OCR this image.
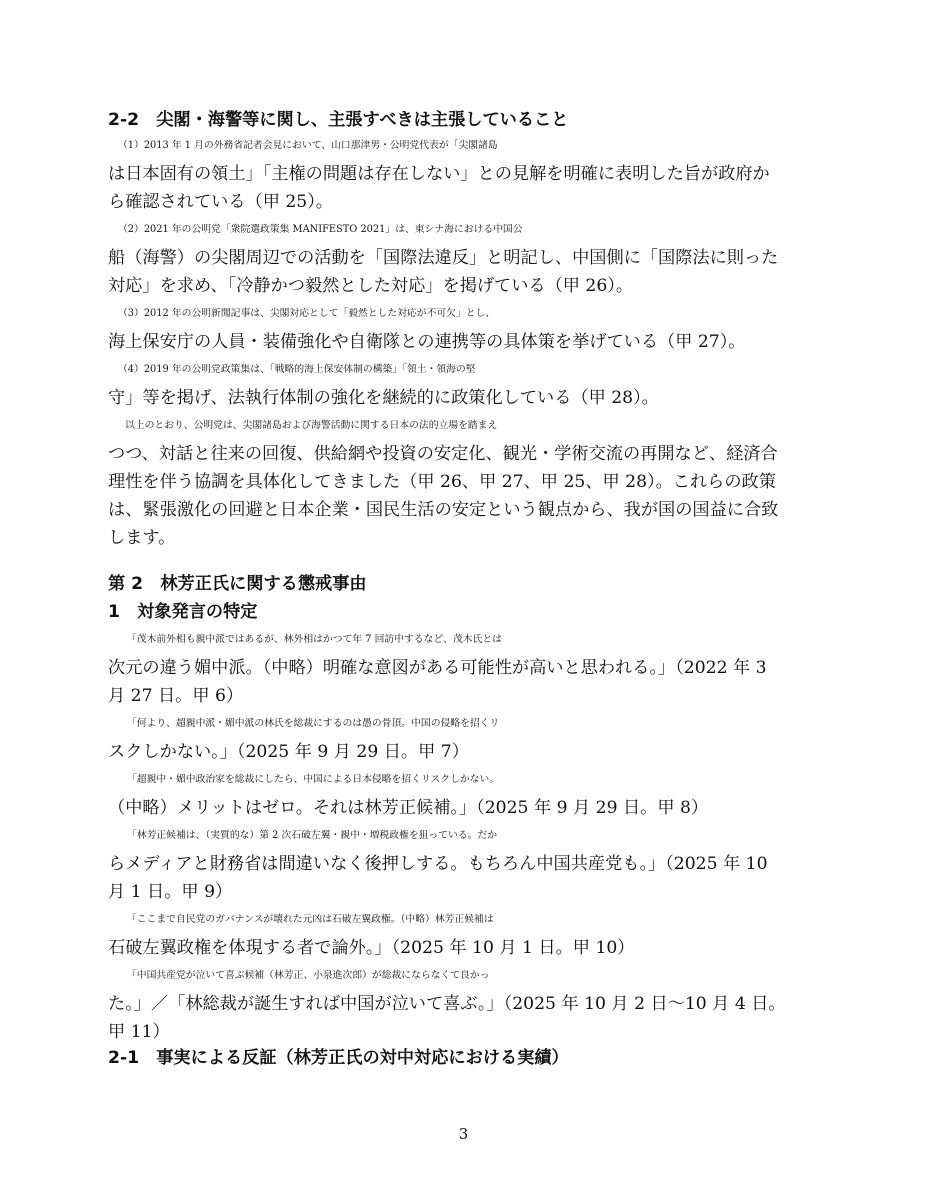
2-2　尖閣・海警等に関し、主張すべきは主張していること

（1）2013 年 1 月の外務省記者会見において、山口那津男・公明党代表が「尖閣諸島

は日本固有の領土」「主権の問題は存在しない」との見解を明確に表明した旨が政府か

ら確認されている（甲 25）。

（2）2021 年の公明党「衆院選政策集 MANIFESTO 2021」は、東シナ海における中国公

船（海警）の尖閣周辺での活動を「国際法違反」と明記し、中国側に「国際法に則った

対応」を求め、「冷静かつ毅然とした対応」を掲げている（甲 26）。

（3）2012 年の公明新聞記事は、尖閣対応として「毅然とした対応が不可欠」とし、

海上保安庁の人員・装備強化や自衛隊との連携等の具体策を挙げている（甲 27）。

（4）2019 年の公明党政策集は、「戦略的海上保安体制の構築」「領土・領海の堅

守」等を掲げ、法執行体制の強化を継続的に政策化している（甲 28）。

以上のとおり、公明党は、尖閣諸島および海警活動に関する日本の法的立場を踏まえ

つつ、対話と往来の回復、供給網や投資の安定化、観光・学術交流の再開など、経済合

理性を伴う協調を具体化してきました（甲 26、甲 27、甲 25、甲 28）。これらの政策

は、緊張激化の回避と日本企業・国民生活の安定という観点から、我が国の国益に合致

します。

第 2　林芳正氏に関する懲戒事由

1　対象発言の特定

「茂木前外相も親中派ではあるが、林外相はかつて年 7 回訪中するなど、茂木氏とは

次元の違う媚中派。（中略）明確な意図がある可能性が高いと思われる。」（2022 年 3

月 27 日。甲 6）

「何より、超親中派・媚中派の林氏を総裁にするのは愚の骨頂。中国の侵略を招くリ

スクしかない。」（2025 年 9 月 29 日。甲 7）

「超親中・媚中政治家を総裁にしたら、中国による日本侵略を招くリスクしかない。

（中略）メリットはゼロ。それは林芳正候補。」（2025 年 9 月 29 日。甲 8）

「林芳正候補は、（実質的な）第 2 次石破左翼・親中・増税政権を狙っている。だか

らメディアと財務省は間違いなく後押しする。もちろん中国共産党も。」（2025 年 10

月 1 日。甲 9）

「ここまで自民党のガバナンスが壊れた元凶は石破左翼政権。（中略）林芳正候補は

石破左翼政権を体現する者で論外。」（2025 年 10 月 1 日。甲 10）

「中国共産党が泣いて喜ぶ候補（林芳正、小泉進次郎）が総裁にならなくて良かっ

た。」／「林総裁が誕生すれば中国が泣いて喜ぶ。」（2025 年 10 月 2 日〜10 月 4 日。

甲 11）

2-1　事実による反証（林芳正氏の対中対応における実績）

3
